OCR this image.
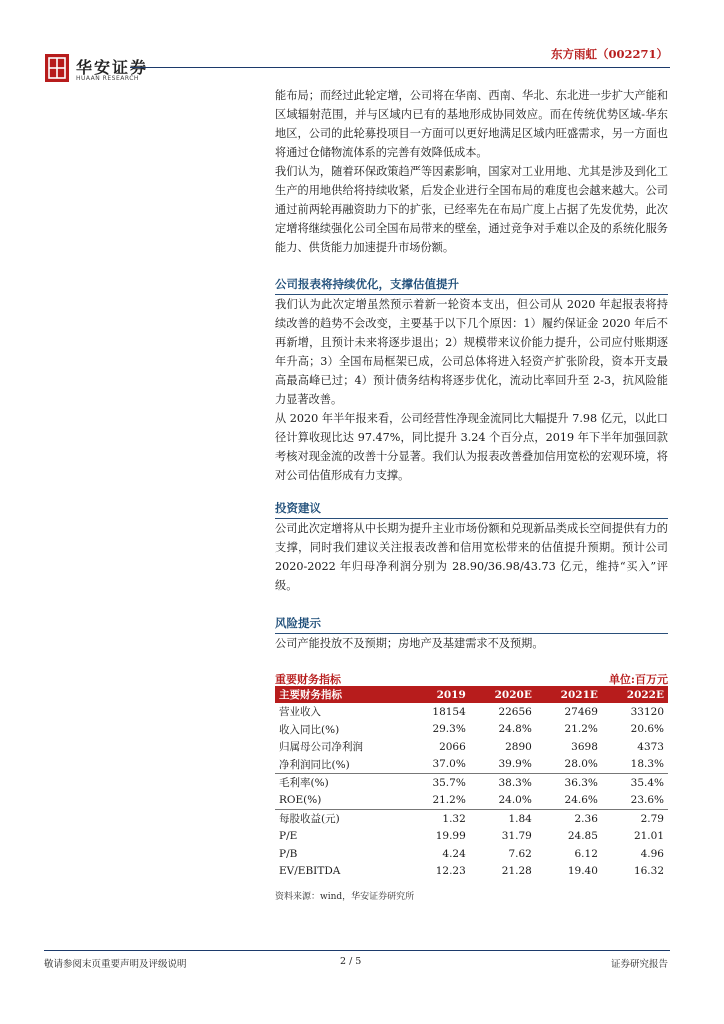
华安证券
HUAAN RESEARCH
东方雨虹（002271）

能布局；而经过此轮定增，公司将在华南、西南、华北、东北进一步扩大产能和区域辐射范围，并与区域内已有的基地形成协同效应。而在传统优势区域-华东地区，公司的此轮募投项目一方面可以更好地满足区域内旺盛需求，另一方面也将通过仓储物流体系的完善有效降低成本。

我们认为，随着环保政策趋严等因素影响，国家对工业用地、尤其是涉及到化工生产的用地供给将持续收紧，后发企业进行全国布局的难度也会越来越大。公司通过前两轮再融资助力下的扩张，已经率先在布局广度上占据了先发优势，此次定增将继续强化公司全国布局带来的壁垒，通过竞争对手难以企及的系统化服务能力、供货能力加速提升市场份额。

公司报表将持续优化，支撑估值提升

我们认为此次定增虽然预示着新一轮资本支出，但公司从 2020 年起报表将持续改善的趋势不会改变，主要基于以下几个原因：1）履约保证金 2020 年后不再新增，且预计未来将逐步退出；2）规模带来议价能力提升，公司应付账期逐年升高；3）全国布局框架已成，公司总体将进入轻资产扩张阶段，资本开支最高最高峰已过；4）预计债务结构将逐步优化，流动比率回升至 2-3，抗风险能力显著改善。

从 2020 年半年报来看，公司经营性净现金流同比大幅提升 7.98 亿元，以此口径计算收现比达 97.47%，同比提升 3.24 个百分点，2019 年下半年加强回款考核对现金流的改善十分显著。我们认为报表改善叠加信用宽松的宏观环境，将对公司估值形成有力支撑。

投资建议

公司此次定增将从中长期为提升主业市场份额和兑现新品类成长空间提供有力的支撑，同时我们建议关注报表改善和信用宽松带来的估值提升预期。预计公司 2020-2022 年归母净利润分别为 28.90/36.98/43.73 亿元，维持“买入”评级。

风险提示

公司产能投放不及预期；房地产及基建需求不及预期。

重要财务指标	单位:百万元
主要财务指标	2019	2020E	2021E	2022E
营业收入	18154	22656	27469	33120
收入同比(%)	29.3%	24.8%	21.2%	20.6%
归属母公司净利润	2066	2890	3698	4373
净利润同比(%)	37.0%	39.9%	28.0%	18.3%
毛利率(%)	35.7%	38.3%	36.3%	35.4%
ROE(%)	21.2%	24.0%	24.6%	23.6%
每股收益(元)	1.32	1.84	2.36	2.79
P/E	19.99	31.79	24.85	21.01
P/B	4.24	7.62	6.12	4.96
EV/EBITDA	12.23	21.28	19.40	16.32
资料来源：wind，华安证券研究所
敬请参阅末页重要声明及评级说明	2 / 5	证券研究报告
